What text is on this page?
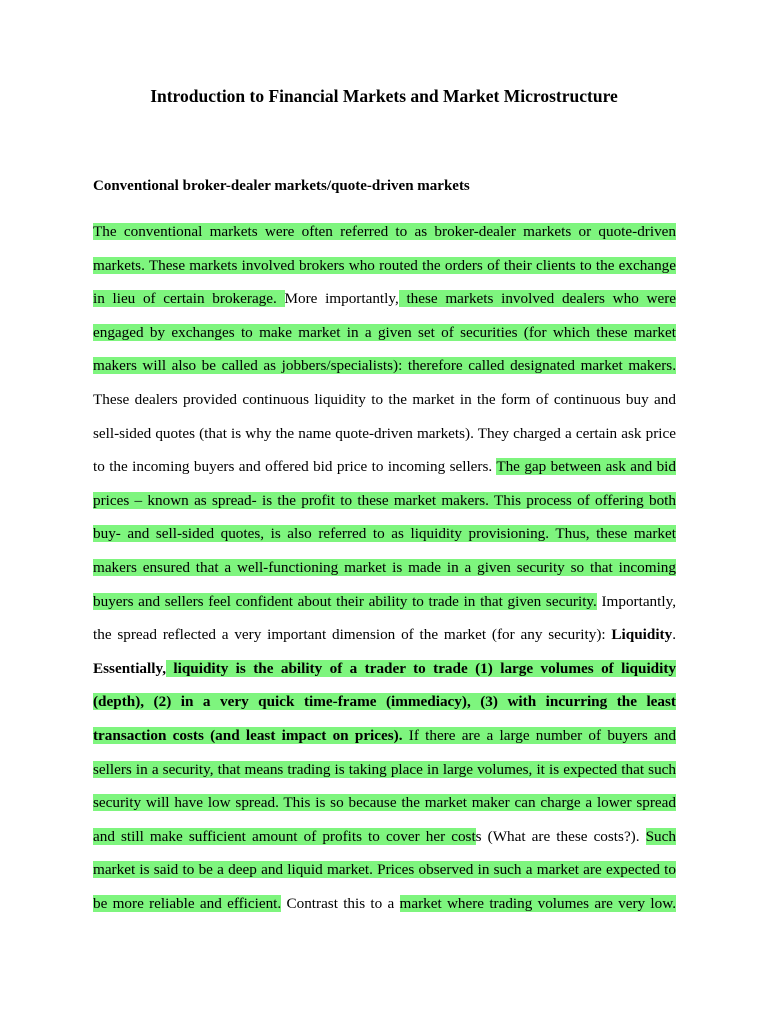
Introduction to Financial Markets and Market Microstructure
Conventional broker-dealer markets/quote-driven markets
The conventional markets were often referred to as broker-dealer markets or quote-driven
markets. These markets involved brokers who routed the orders of their clients to the exchange
in lieu of certain brokerage. More importantly, these markets involved dealers who were
engaged by exchanges to make market in a given set of securities (for which these market
makers will also be called as jobbers/specialists): therefore called designated market makers.
These dealers provided continuous liquidity to the market in the form of continuous buy and
sell-sided quotes (that is why the name quote-driven markets). They charged a certain ask price
to the incoming buyers and offered bid price to incoming sellers. The gap between ask and bid
prices – known as spread- is the profit to these market makers. This process of offering both
buy- and sell-sided quotes, is also referred to as liquidity provisioning. Thus, these market
makers ensured that a well-functioning market is made in a given security so that incoming
buyers and sellers feel confident about their ability to trade in that given security. Importantly,
the spread reflected a very important dimension of the market (for any security): Liquidity.
Essentially, liquidity is the ability of a trader to trade (1) large volumes of liquidity
(depth), (2) in a very quick time-frame (immediacy), (3) with incurring the least
transaction costs (and least impact on prices). If there are a large number of buyers and
sellers in a security, that means trading is taking place in large volumes, it is expected that such
security will have low spread. This is so because the market maker can charge a lower spread
and still make sufficient amount of profits to cover her costs (What are these costs?). Such
market is said to be a deep and liquid market. Prices observed in such a market are expected to
be more reliable and efficient. Contrast this to a market where trading volumes are very low.
